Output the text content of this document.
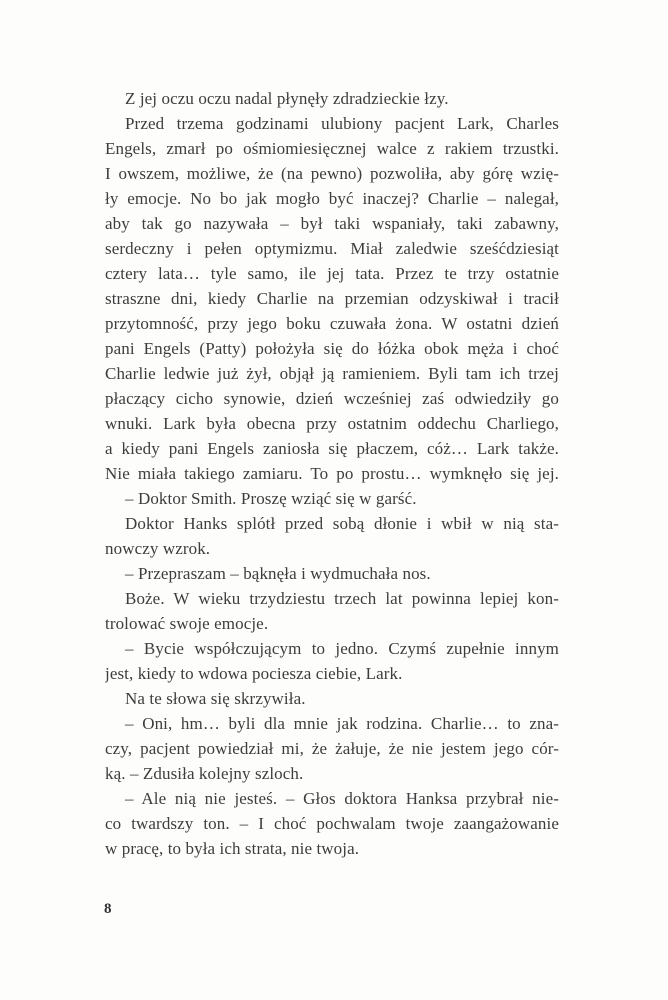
Z jej oczu oczu nadal płynęły zdradzieckie łzy.
Przed trzema godzinami ulubiony pacjent Lark, Charles
Engels, zmarł po ośmiomiesięcznej walce z rakiem trzustki.
I owszem, możliwe, że (na pewno) pozwoliła, aby górę wzię-
ły emocje. No bo jak mogło być inaczej? Charlie – nalegał,
aby tak go nazywała – był taki wspaniały, taki zabawny,
serdeczny i pełen optymizmu. Miał zaledwie sześćdziesiąt
cztery lata… tyle samo, ile jej tata. Przez te trzy ostatnie
straszne dni, kiedy Charlie na przemian odzyskiwał i tracił
przytomność, przy jego boku czuwała żona. W ostatni dzień
pani Engels (Patty) położyła się do łóżka obok męża i choć
Charlie ledwie już żył, objął ją ramieniem. Byli tam ich trzej
płaczący cicho synowie, dzień wcześniej zaś odwiedziły go
wnuki. Lark była obecna przy ostatnim oddechu Charliego,
a kiedy pani Engels zaniosła się płaczem, cóż… Lark także.
Nie miała takiego zamiaru. To po prostu… wymknęło się jej.
– Doktor Smith. Proszę wziąć się w garść.
Doktor Hanks splótł przed sobą dłonie i wbił w nią sta-
nowczy wzrok.
– Przepraszam – bąknęła i wydmuchała nos.
Boże. W wieku trzydziestu trzech lat powinna lepiej kon-
trolować swoje emocje.
– Bycie współczującym to jedno. Czymś zupełnie innym
jest, kiedy to wdowa pociesza ciebie, Lark.
Na te słowa się skrzywiła.
– Oni, hm… byli dla mnie jak rodzina. Charlie… to zna-
czy, pacjent powiedział mi, że żałuje, że nie jestem jego cór-
ką. – Zdusiła kolejny szloch.
– Ale nią nie jesteś. – Głos doktora Hanksa przybrał nie-
co twardszy ton. – I choć pochwalam twoje zaangażowanie
w pracę, to była ich strata, nie twoja.
8
